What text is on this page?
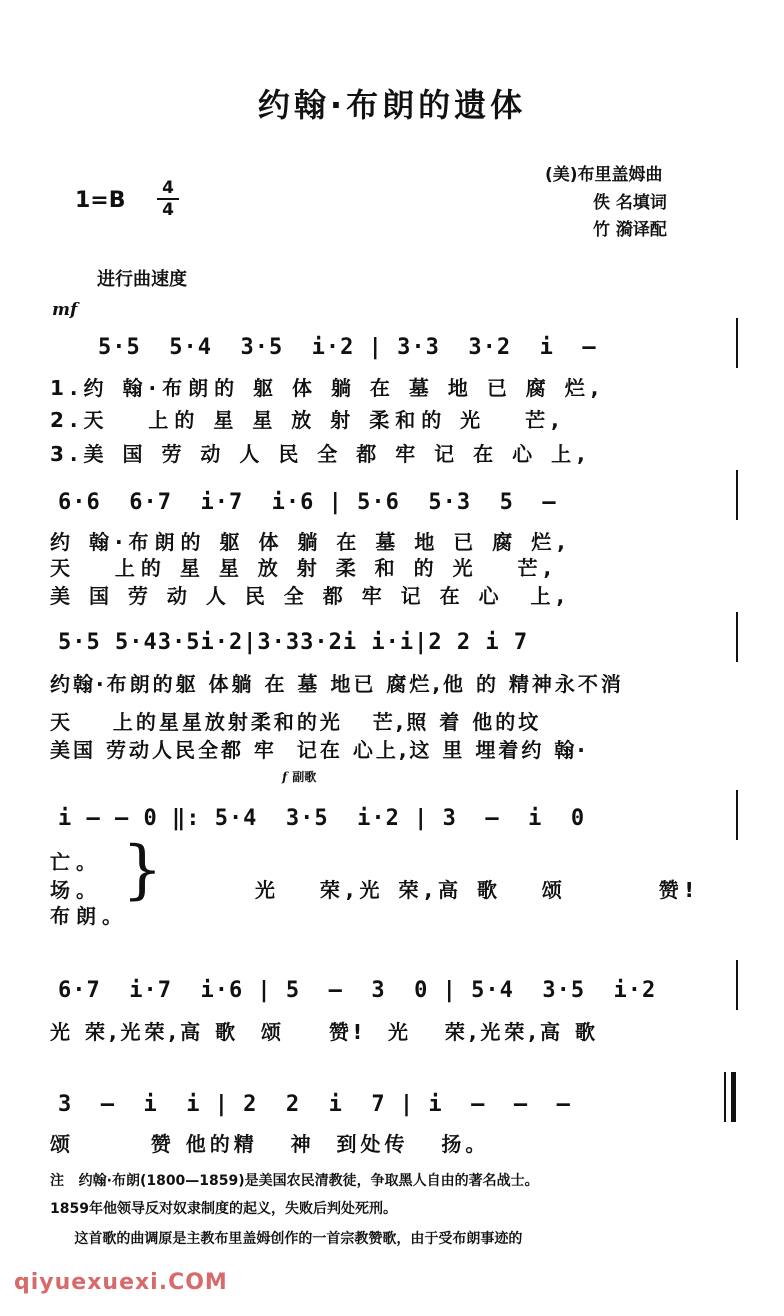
约翰·布朗的遗体
(美)布里盖姆曲
佚 名填词
竹 漪译配
1=B 4
4
进行曲速度
mf
5·5  5·4  3·5  i·2 | 3·3  3·2  i  —
1.约 翰·布朗的 躯 体 躺 在 墓 地 已 腐 烂,
2.天   上的 星 星 放 射 柔和的 光   芒,
3.美 国 劳 动 人 民 全 都 牢 记 在 心 上,
6·6  6·7  i·7  i·6 | 5·6  5·3  5  —
约 翰·布朗的 躯 体 躺 在 墓 地 已 腐 烂,
天   上的 星 星 放 射 柔 和 的 光   芒,
美 国 劳 动 人 民 全 都 牢 记 在 心  上,
5·5 5·43·5i·2|3·33·2i i·i|2 2 i 7
约翰·布朗的躯 体躺 在 墓 地已 腐烂,他 的 精神永不消
天    上的星星放射柔和的光   芒,照 着 他的坟
美国 劳动人民全都 牢  记在 心上,这 里 埋着约 翰·
f 副歌
i — — 0 ‖: 5·4  3·5  i·2 | 3  —  i  0
亡。
场。
布朗。
}	光   荣,光 荣,高 歌   颂       赞!
6·7  i·7  i·6 | 5  —  3  0 | 5·4  3·5  i·2
光 荣,光荣,高 歌  颂    赞!  光   荣,光荣,高 歌
3  —  i  i | 2  2  i  7 | i  —  —  —
颂       赞 他的精   神  到处传   扬。
注   约翰·布朗(1800—1859)是美国农民清教徒，争取黑人自由的著名战士。
1859年他领导反对奴隶制度的起义，失败后判处死刑。
这首歌的曲调原是主教布里盖姆创作的一首宗教赞歌，由于受布朗事迹的
qiyuexuexi.COM
